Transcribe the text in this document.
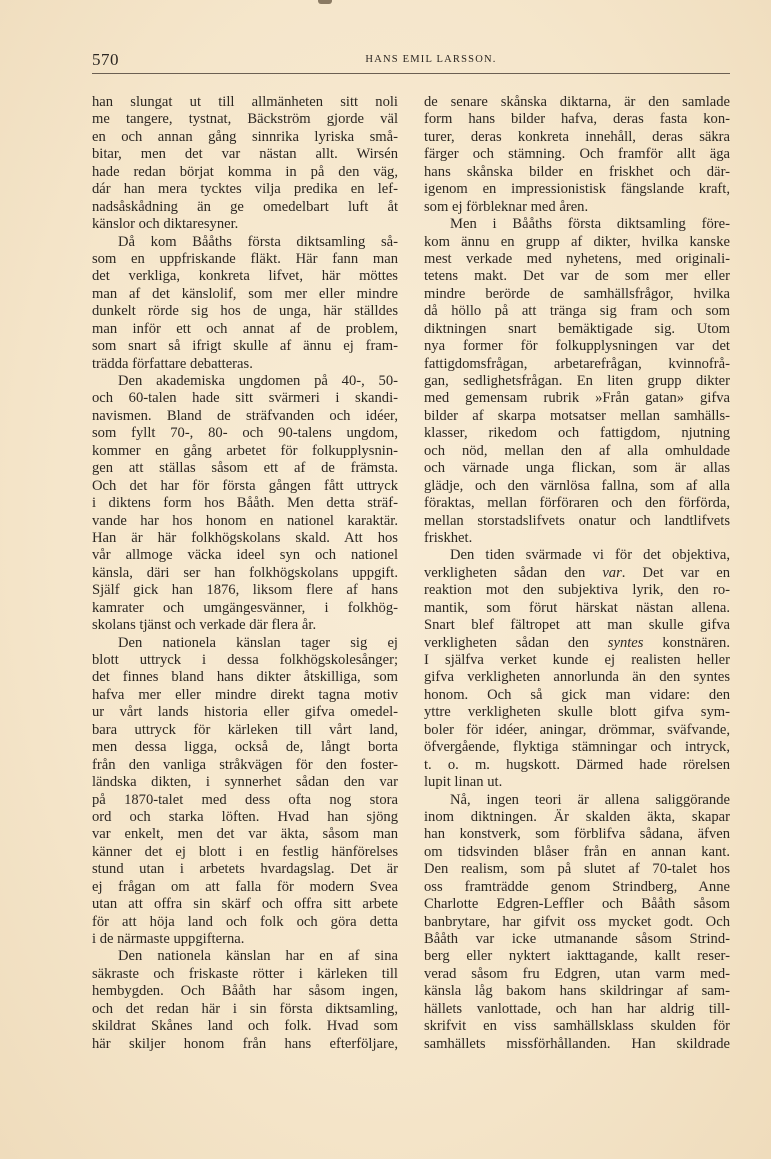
570	HANS EMIL LARSSON.
han slungat ut till allmänheten sitt noli
me tangere, tystnat, Bäckström gjorde väl
en och annan gång sinnrika lyriska små-
bitar, men det var nästan allt. Wirsén
hade redan börjat komma in på den väg,
dár han mera tycktes vilja predika en lef-
nadsåskådning än ge omedelbart luft åt
känslor och diktaresyner.
Då kom Bååths första diktsamling så-
som en uppfriskande fläkt. Här fann man
det verkliga, konkreta lifvet, här möttes
man af det känslolif, som mer eller mindre
dunkelt rörde sig hos de unga, här ställdes
man inför ett och annat af de problem,
som snart så ifrigt skulle af ännu ej fram-
trädda författare debatteras.
Den akademiska ungdomen på 40-, 50-
och 60-talen hade sitt svärmeri i skandi-
navismen. Bland de sträfvanden och idéer,
som fyllt 70-, 80- och 90-talens ungdom,
kommer en gång arbetet för folkupplysnin-
gen att ställas såsom ett af de främsta.
Och det har för första gången fått uttryck
i diktens form hos Bååth. Men detta sträf-
vande har hos honom en nationel karaktär.
Han är här folkhögskolans skald. Att hos
vår allmoge väcka ideel syn och nationel
känsla, däri ser han folkhögskolans uppgift.
Själf gick han 1876, liksom flere af hans
kamrater och umgängesvänner, i folkhög-
skolans tjänst och verkade där flera år.
Den nationela känslan tager sig ej
blott uttryck i dessa folkhögskolesånger;
det finnes bland hans dikter åtskilliga, som
hafva mer eller mindre direkt tagna motiv
ur vårt lands historia eller gifva omedel-
bara uttryck för kärleken till vårt land,
men dessa ligga, också de, långt borta
från den vanliga stråkvägen för den foster-
ländska dikten, i synnerhet sådan den var
på 1870-talet med dess ofta nog stora
ord och starka löften. Hvad han sjöng
var enkelt, men det var äkta, såsom man
känner det ej blott i en festlig hänförelses
stund utan i arbetets hvardagslag. Det är
ej frågan om att falla för modern Svea
utan att offra sin skärf och offra sitt arbete
för att höja land och folk och göra detta
i de närmaste uppgifterna.
Den nationela känslan har en af sina
säkraste och friskaste rötter i kärleken till
hembygden. Och Bååth har såsom ingen,
och det redan här i sin första diktsamling,
skildrat Skånes land och folk. Hvad som
här skiljer honom från hans efterföljare,
de senare skånska diktarna, är den samlade
form hans bilder hafva, deras fasta kon-
turer, deras konkreta innehåll, deras säkra
färger och stämning. Och framför allt äga
hans skånska bilder en friskhet och där-
igenom en impressionistisk fängslande kraft,
som ej förbleknar med åren.
Men i Bååths första diktsamling före-
kom ännu en grupp af dikter, hvilka kanske
mest verkade med nyhetens, med originali-
tetens makt. Det var de som mer eller
mindre berörde de samhällsfrågor, hvilka
då höllo på att tränga sig fram och som
diktningen snart bemäktigade sig. Utom
nya former för folkupplysningen var det
fattigdomsfrågan, arbetarefrågan, kvinnofrå-
gan, sedlighetsfrågan. En liten grupp dikter
med gemensam rubrik »Från gatan» gifva
bilder af skarpa motsatser mellan samhälls-
klasser, rikedom och fattigdom, njutning
och nöd, mellan den af alla omhuldade
och värnade unga flickan, som är allas
glädje, och den värnlösa fallna, som af alla
föraktas, mellan förföraren och den förförda,
mellan storstadslifvets onatur och landtlifvets
friskhet.
Den tiden svärmade vi för det objektiva,
verkligheten sådan den var. Det var en
reaktion mot den subjektiva lyrik, den ro-
mantik, som förut härskat nästan allena.
Snart blef fältropet att man skulle gifva
verkligheten sådan den syntes konstnären.
I själfva verket kunde ej realisten heller
gifva verkligheten annorlunda än den syntes
honom. Och så gick man vidare: den
yttre verkligheten skulle blott gifva sym-
boler för idéer, aningar, drömmar, sväfvande,
öfvergående, flyktiga stämningar och intryck,
t. o. m. hugskott. Därmed hade rörelsen
lupit linan ut.
Nå, ingen teori är allena saliggörande
inom diktningen. Är skalden äkta, skapar
han konstverk, som förblifva sådana, äfven
om tidsvinden blåser från en annan kant.
Den realism, som på slutet af 70-talet hos
oss framträdde genom Strindberg, Anne
Charlotte Edgren-Leffler och Bååth såsom
banbrytare, har gifvit oss mycket godt. Och
Bååth var icke utmanande såsom Strind-
berg eller nyktert iakttagande, kallt reser-
verad såsom fru Edgren, utan varm med-
känsla låg bakom hans skildringar af sam-
hällets vanlottade, och han har aldrig till-
skrifvit en viss samhällsklass skulden för
samhällets missförhållanden. Han skildrade
